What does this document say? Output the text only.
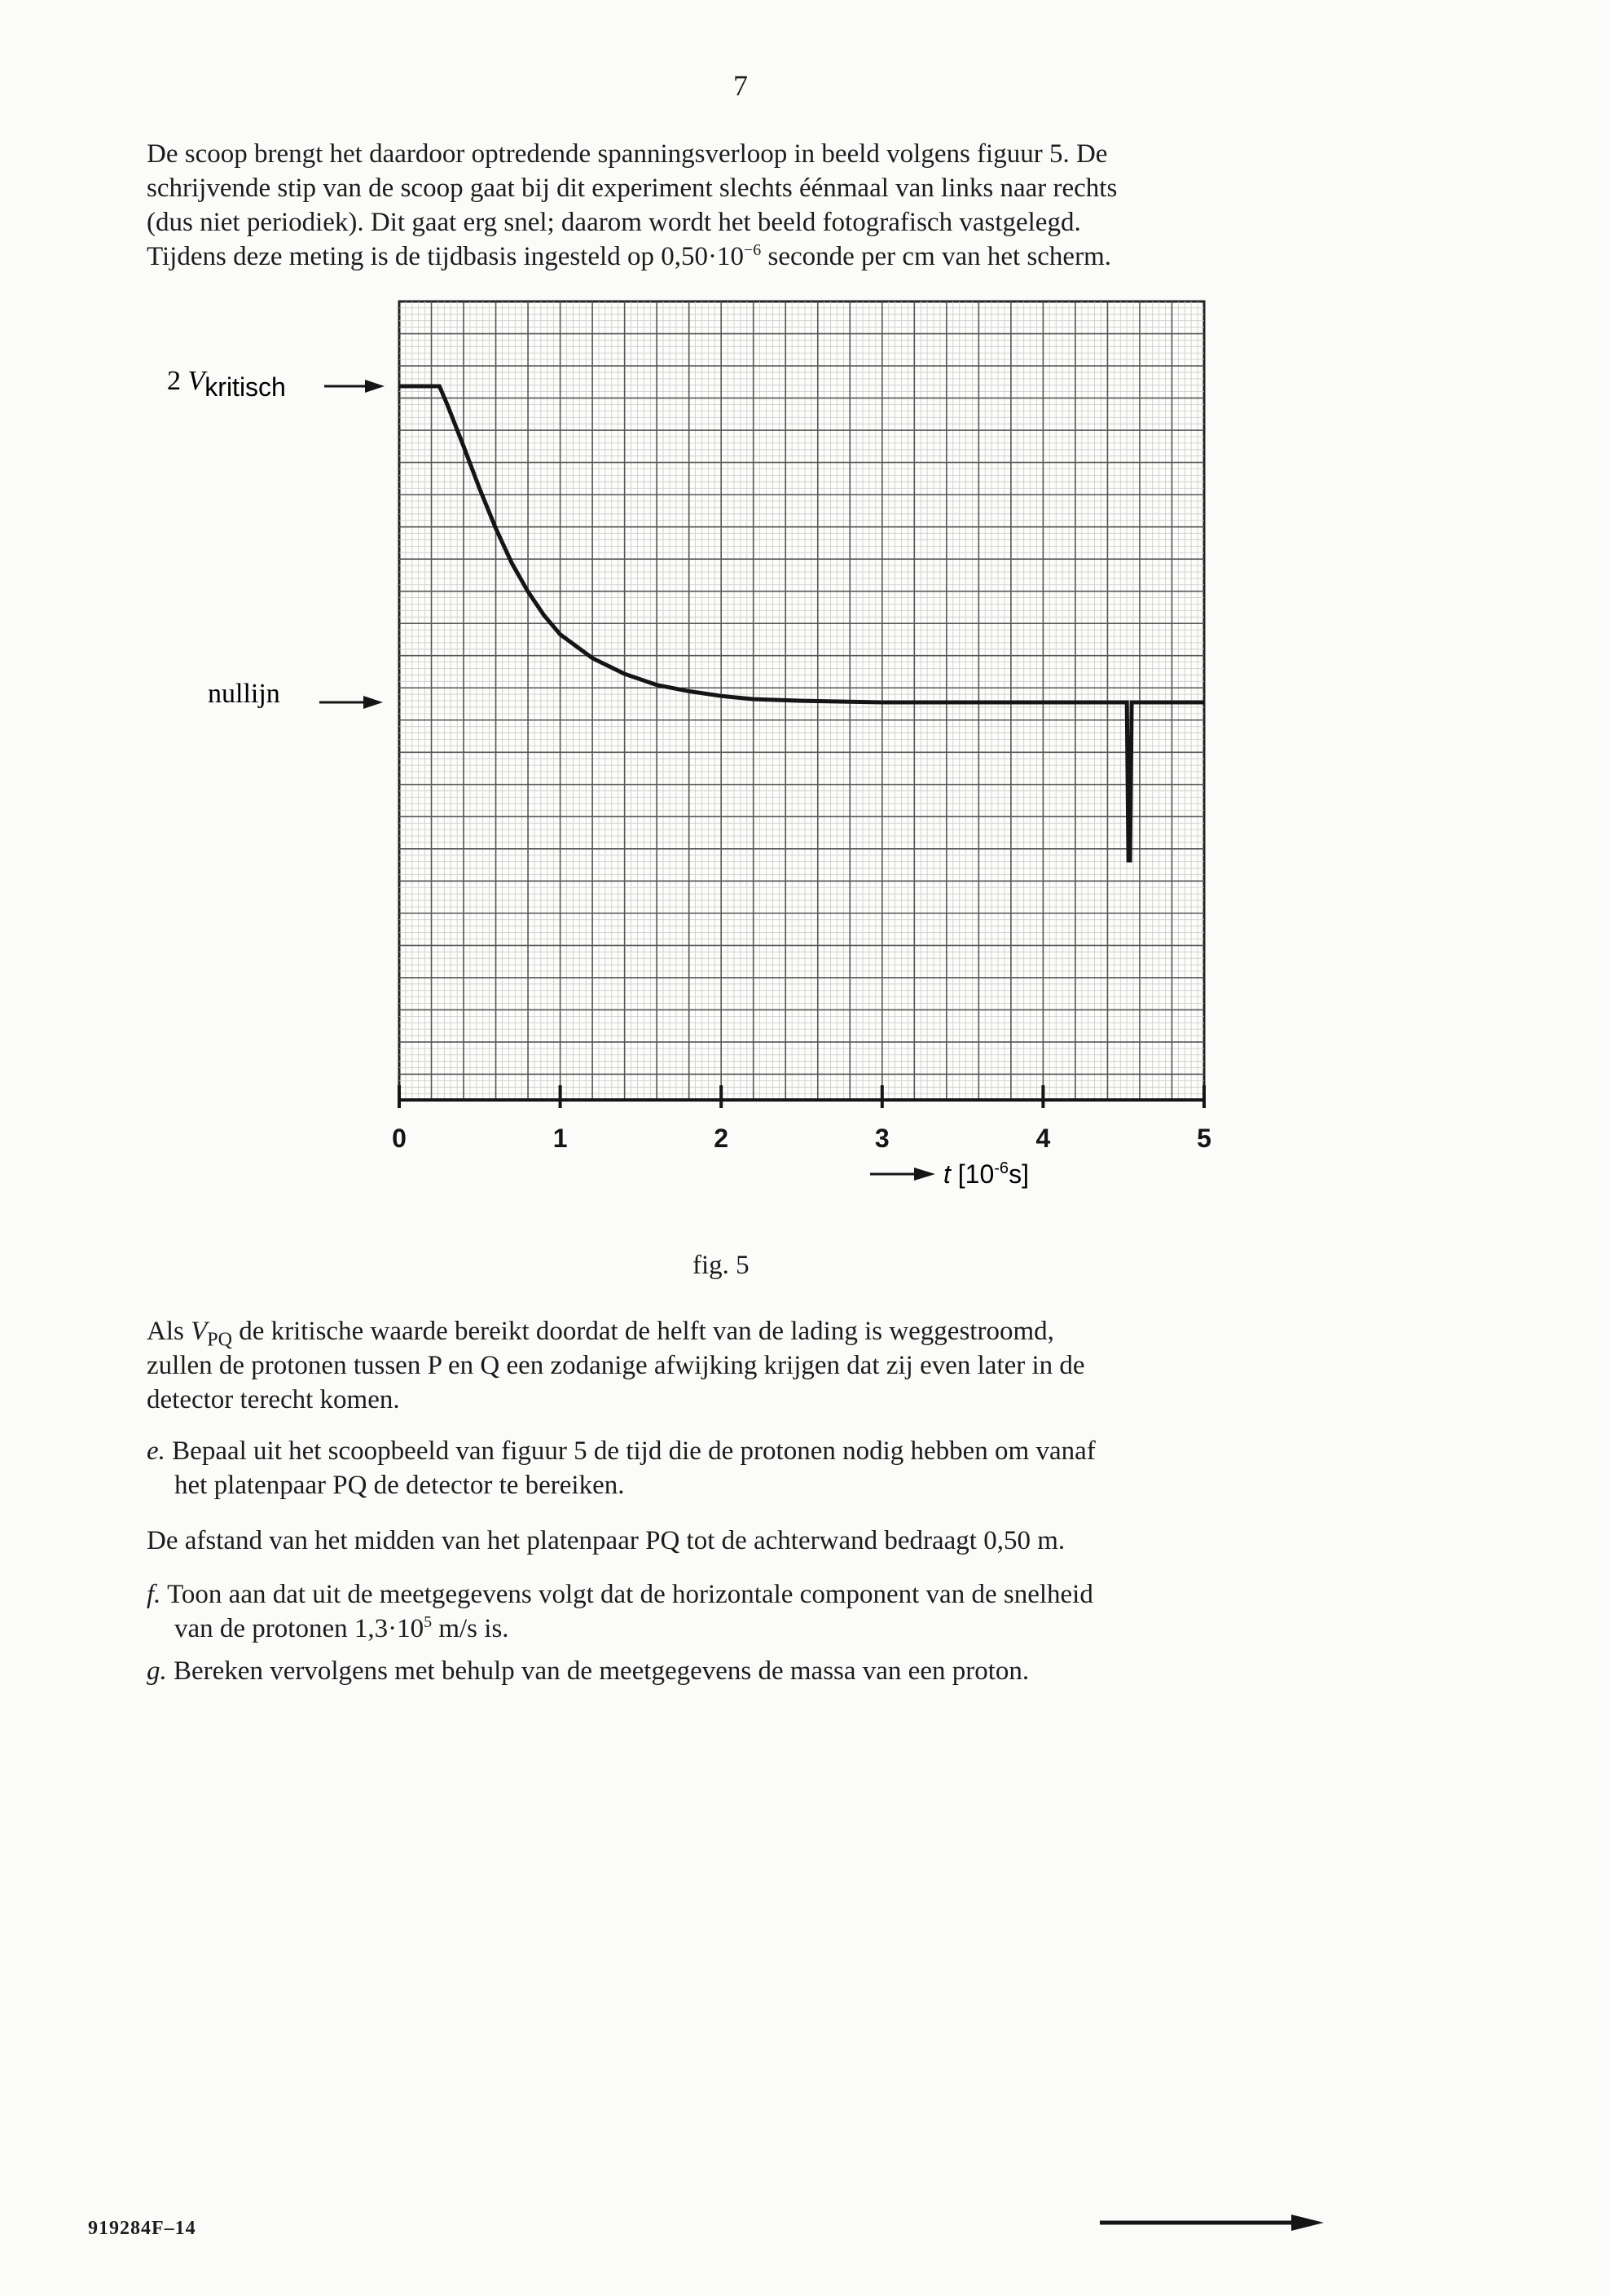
7
De scoop brengt het daardoor optredende spanningsverloop in beeld volgens figuur 5. De
schrijvende stip van de scoop gaat bij dit experiment slechts éénmaal van links naar rechts
(dus niet periodiek). Dit gaat erg snel; daarom wordt het beeld fotografisch vastgelegd.
Tijdens deze meting is de tijdbasis ingesteld op $0,50\cdot 10^{-6}$ seconde per cm van het scherm.
0	1	2	3	4	5
2 Vkritisch
nullijn
t $[10^{-6}s]$
fig. 5
Als $V_{PQ}$ de kritische waarde bereikt doordat de helft van de lading is weggestroomd,
zullen de protonen tussen P en Q een zodanige afwijking krijgen dat zij even later in de
detector terecht komen.
e. Bepaal uit het scoopbeeld van figuur 5 de tijd die de protonen nodig hebben om vanaf
het platenpaar PQ de detector te bereiken.
De afstand van het midden van het platenpaar PQ tot de achterwand bedraagt 0,50 m.
f. Toon aan dat uit de meetgegevens volgt dat de horizontale component van de snelheid
van de protonen $1,3\cdot 10^5$ m/s is.
g. Bereken vervolgens met behulp van de meetgegevens de massa van een proton.
919284F–14
